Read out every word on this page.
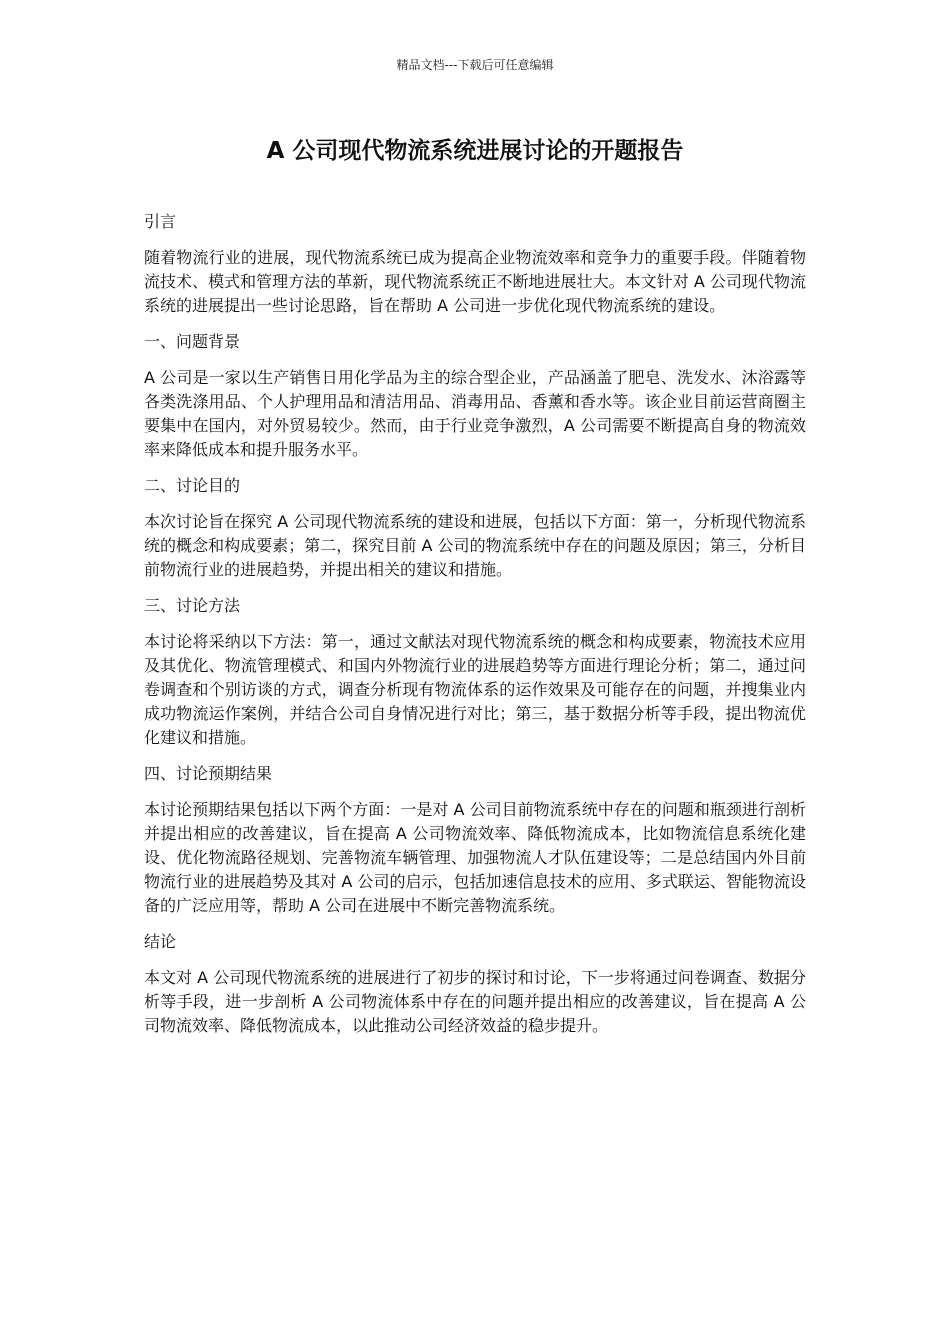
精品文档---下载后可任意编辑
A 公司现代物流系统进展讨论的开题报告

引言

随着物流行业的进展，现代物流系统已成为提高企业物流效率和竞争力的重要手段。伴随着物流技术、模式和管理方法的革新，现代物流系统正不断地进展壮大。本文针对 A 公司现代物流系统的进展提出一些讨论思路，旨在帮助 A 公司进一步优化现代物流系统的建设。

一、问题背景

A 公司是一家以生产销售日用化学品为主的综合型企业，产品涵盖了肥皂、洗发水、沐浴露等各类洗涤用品、个人护理用品和清洁用品、消毒用品、香薰和香水等。该企业目前运营商圈主要集中在国内，对外贸易较少。然而，由于行业竞争激烈，A 公司需要不断提高自身的物流效率来降低成本和提升服务水平。

二、讨论目的

本次讨论旨在探究 A 公司现代物流系统的建设和进展，包括以下方面：第一，分析现代物流系统的概念和构成要素；第二，探究目前 A 公司的物流系统中存在的问题及原因；第三，分析目前物流行业的进展趋势，并提出相关的建议和措施。

三、讨论方法

本讨论将采纳以下方法：第一，通过文献法对现代物流系统的概念和构成要素，物流技术应用及其优化、物流管理模式、和国内外物流行业的进展趋势等方面进行理论分析；第二，通过问卷调查和个别访谈的方式，调查分析现有物流体系的运作效果及可能存在的问题，并搜集业内成功物流运作案例，并结合公司自身情况进行对比；第三，基于数据分析等手段，提出物流优化建议和措施。

四、讨论预期结果

本讨论预期结果包括以下两个方面：一是对 A 公司目前物流系统中存在的问题和瓶颈进行剖析并提出相应的改善建议，旨在提高 A 公司物流效率、降低物流成本，比如物流信息系统化建设、优化物流路径规划、完善物流车辆管理、加强物流人才队伍建设等；二是总结国内外目前物流行业的进展趋势及其对 A 公司的启示，包括加速信息技术的应用、多式联运、智能物流设备的广泛应用等，帮助 A 公司在进展中不断完善物流系统。

结论

本文对 A 公司现代物流系统的进展进行了初步的探讨和讨论，下一步将通过问卷调查、数据分析等手段，进一步剖析 A 公司物流体系中存在的问题并提出相应的改善建议，旨在提高 A 公司物流效率、降低物流成本，以此推动公司经济效益的稳步提升。
